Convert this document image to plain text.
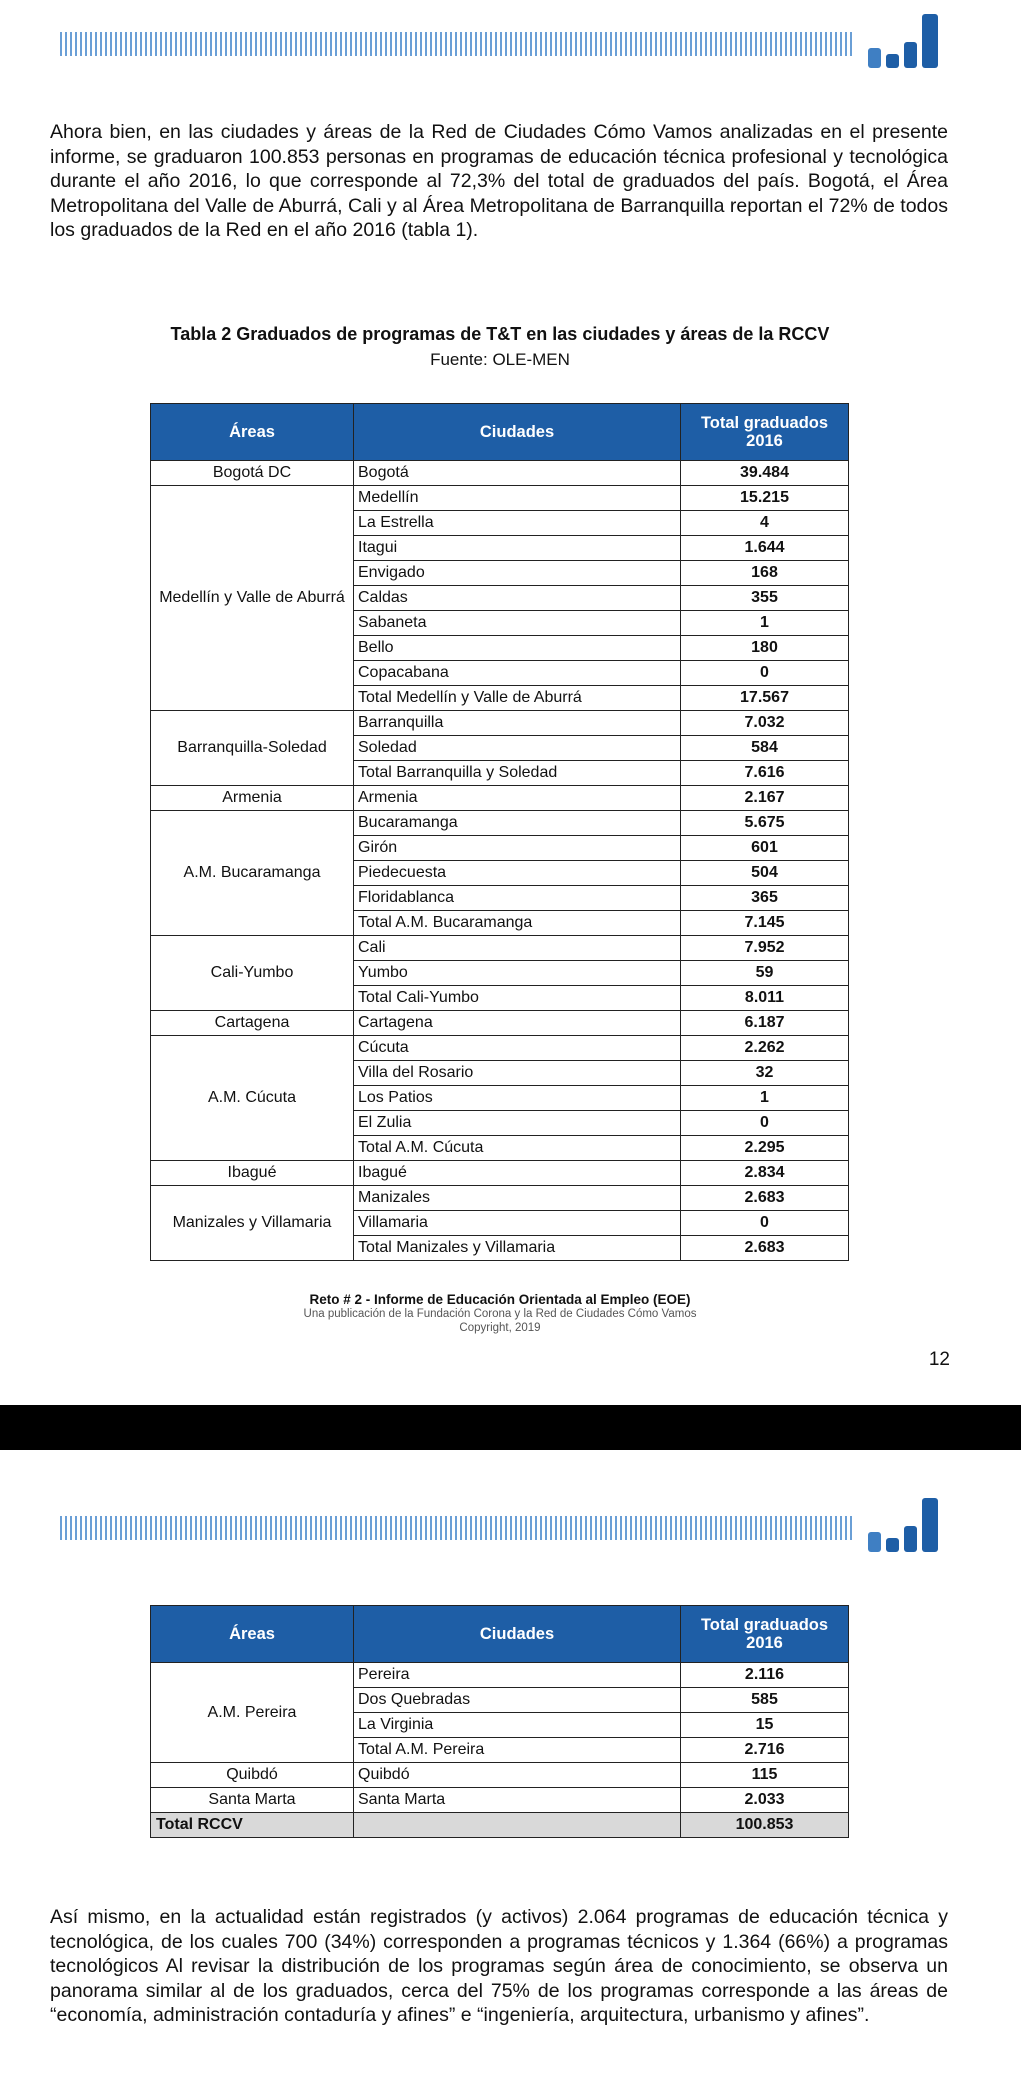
Ahora bien, en las ciudades y áreas de la Red de Ciudades Cómo Vamos analizadas en el presente informe, se graduaron 100.853 personas en programas de educación técnica profesional y tecnológica durante el año 2016, lo que corresponde al 72,3% del total de graduados del país. Bogotá, el Área Metropolitana del Valle de Aburrá, Cali y al Área Metropolitana de Barranquilla reportan el 72% de todos los graduados de la Red en el año 2016 (tabla 1).

Tabla 2 Graduados de programas de T&T en las ciudades y áreas de la RCCV
Fuente: OLE-MEN
Áreas	Ciudades	Total graduados
2016
Bogotá DC	Bogotá	39.484
Medellín y Valle de Aburrá	Medellín	15.215
	La Estrella	4
	Itagui	1.644
	Envigado	168
	Caldas	355
	Sabaneta	1
	Bello	180
	Copacabana	0
	Total Medellín y Valle de Aburrá	17.567
Barranquilla-Soledad	Barranquilla	7.032
	Soledad	584
	Total Barranquilla y Soledad	7.616
Armenia	Armenia	2.167
A.M. Bucaramanga	Bucaramanga	5.675
	Girón	601
	Piedecuesta	504
	Floridablanca	365
	Total A.M. Bucaramanga	7.145
Cali-Yumbo	Cali	7.952
	Yumbo	59
	Total Cali-Yumbo	8.011
Cartagena	Cartagena	6.187
A.M. Cúcuta	Cúcuta	2.262
	Villa del Rosario	32
	Los Patios	1
	El Zulia	0
	Total A.M. Cúcuta	2.295
Ibagué	Ibagué	2.834
Manizales y Villamaria	Manizales	2.683
	Villamaria	0
	Total Manizales y Villamaria	2.683
Reto # 2 - Informe de Educación Orientada al Empleo (EOE)
Una publicación de la Fundación Corona y la Red de Ciudades Cómo Vamos
Copyright, 2019
12
Áreas	Ciudades	Total graduados
2016
A.M. Pereira	Pereira	2.116
	Dos Quebradas	585
	La Virginia	15
	Total A.M. Pereira	2.716
Quibdó	Quibdó	115
Santa Marta	Santa Marta	2.033
Total RCCV		100.853

Así mismo, en la actualidad están registrados (y activos) 2.064 programas de educación técnica y tecnológica, de los cuales 700 (34%) corresponden a programas técnicos y 1.364 (66%) a programas tecnológicos Al revisar la distribución de los programas según área de conocimiento, se observa un panorama similar al de los graduados, cerca del 75% de los programas corresponde a las áreas de “economía, administración contaduría y afines” e “ingeniería, arquitectura, urbanismo y afines”.
